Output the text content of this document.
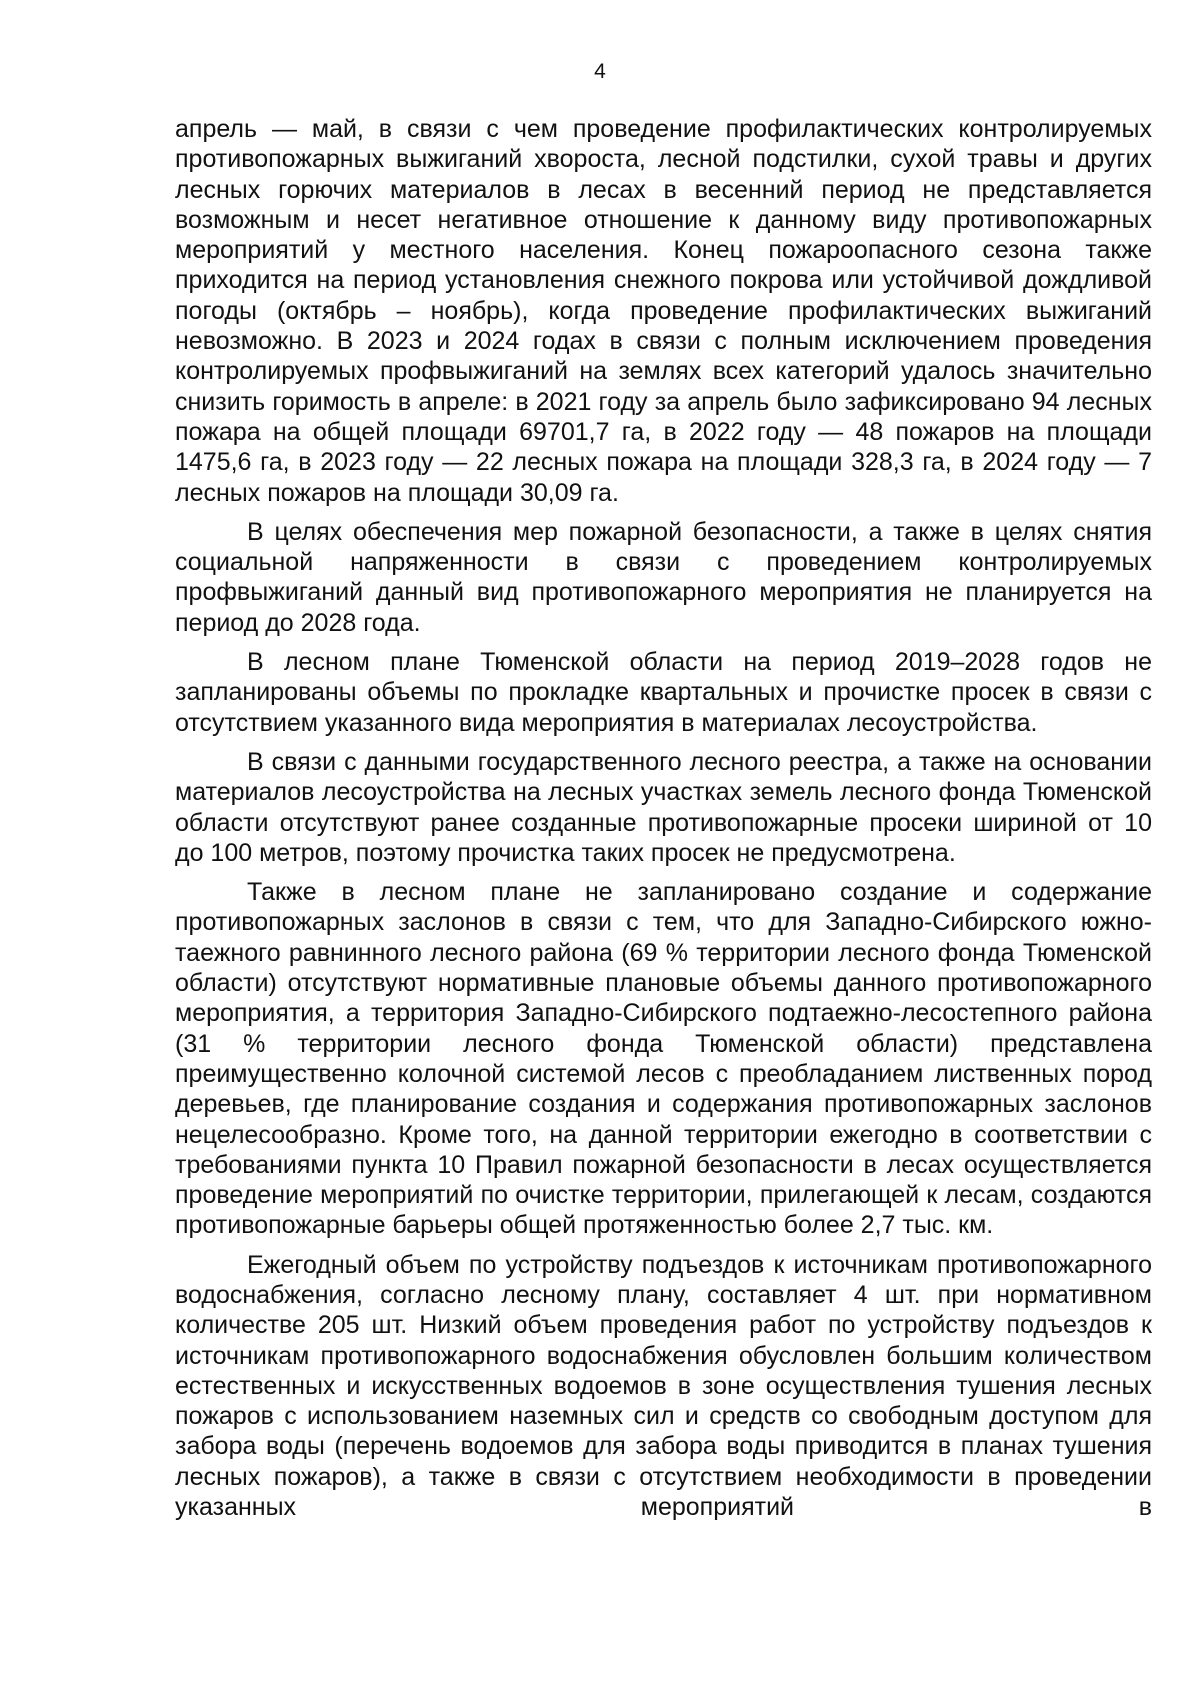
4

апрель — май, в связи с чем проведение профилактических контролируемых противопожарных выжиганий хвороста, лесной подстилки, сухой травы и других лесных горючих материалов в лесах в весенний период не представляется возможным и несет негативное отношение к данному виду противопожарных мероприятий у местного населения. Конец пожароопасного сезона также приходится на период установления снежного покрова или устойчивой дождливой погоды (октябрь – ноябрь), когда проведение профилактических выжиганий невозможно. В 2023 и 2024 годах в связи с полным исключением проведения контролируемых профвыжиганий на землях всех категорий удалось значительно снизить горимость в апреле: в 2021 году за апрель было зафиксировано 94 лесных пожара на общей площади 69701,7 га, в 2022 году — 48 пожаров на площади 1475,6 га, в 2023 году — 22 лесных пожара на площади 328,3 га, в 2024 году — 7 лесных пожаров на площади 30,09 га.

В целях обеспечения мер пожарной безопасности, а также в целях снятия социальной напряженности в связи с проведением контролируемых профвыжиганий данный вид противопожарного мероприятия не планируется на период до 2028 года.

В лесном плане Тюменской области на период 2019–2028 годов не запланированы объемы по прокладке квартальных и прочистке просек в связи с отсутствием указанного вида мероприятия в материалах лесоустройства.

В связи с данными государственного лесного реестра, а также на основании материалов лесоустройства на лесных участках земель лесного фонда Тюменской области отсутствуют ранее созданные противопожарные просеки шириной от 10 до 100 метров, поэтому прочистка таких просек не предусмотрена.

Также в лесном плане не запланировано создание и содержание противопожарных заслонов в связи с тем, что для Западно-Сибирского южно-таежного равнинного лесного района (69 % территории лесного фонда Тюменской области) отсутствуют нормативные плановые объемы данного противопожарного мероприятия, а территория Западно-Сибирского подтаежно-лесостепного района (31 % территории лесного фонда Тюменской области) представлена преимущественно колочной системой лесов с преобладанием лиственных пород деревьев, где планирование создания и содержания противопожарных заслонов нецелесообразно. Кроме того, на данной территории ежегодно в соответствии с требованиями пункта 10 Правил пожарной безопасности в лесах осуществляется проведение мероприятий по очистке территории, прилегающей к лесам, создаются противопожарные барьеры общей протяженностью более 2,7 тыс. км.

Ежегодный объем по устройству подъездов к источникам противопожарного водоснабжения, согласно лесному плану, составляет 4 шт. при нормативном количестве 205 шт. Низкий объем проведения работ по устройству подъездов к источникам противопожарного водоснабжения обусловлен большим количеством естественных и искусственных водоемов в зоне осуществления тушения лесных пожаров с использованием наземных сил и средств со свободным доступом для забора воды (перечень водоемов для забора воды приводится в планах тушения лесных пожаров), а также в связи с отсутствием необходимости в проведении указанных мероприятий в
